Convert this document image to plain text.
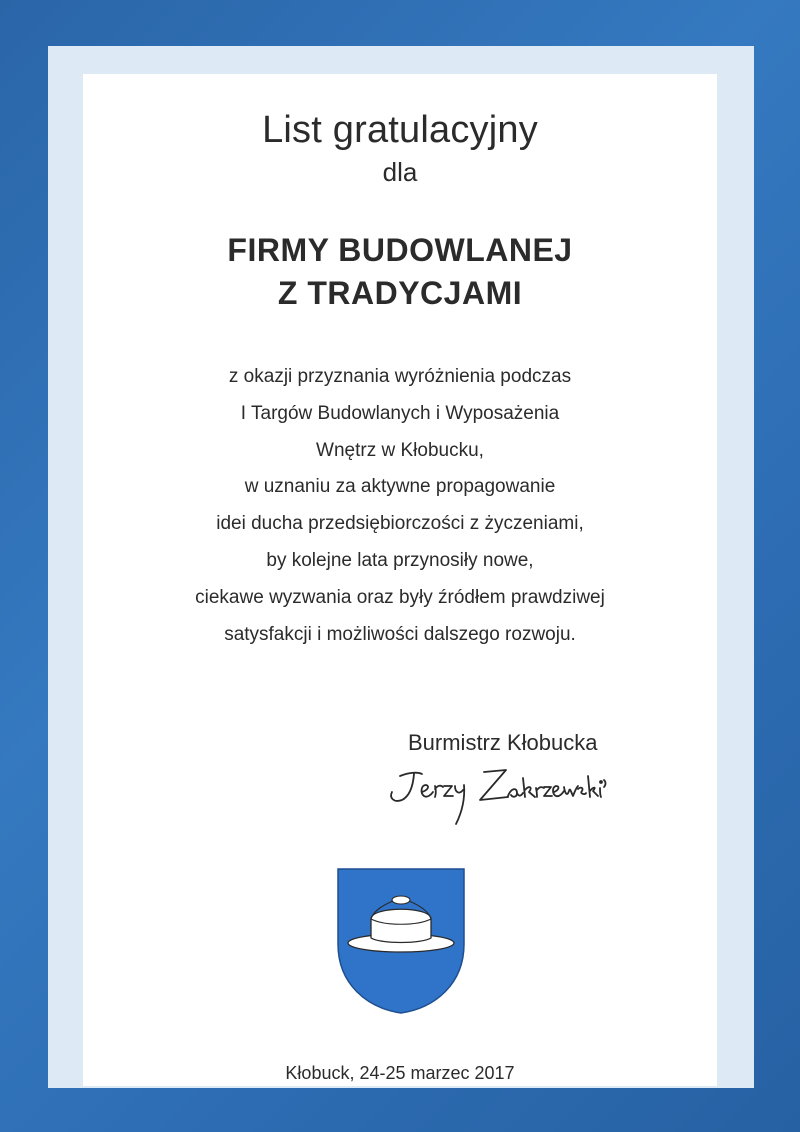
List gratulacyjny
dla
FIRMY BUDOWLANEJ
Z TRADYCJAMI
z okazji przyznania wyróżnienia podczas
I Targów Budowlanych i Wyposażenia
Wnętrz w Kłobucku,
w uznaniu za aktywne propagowanie
idei ducha przedsiębiorczości z życzeniami,
by kolejne lata przynosiły nowe,
ciekawe wyzwania oraz były źródłem prawdziwej
satysfakcji i możliwości dalszego rozwoju.
Burmistrz Kłobucka
Kłobuck, 24-25 marzec 2017
